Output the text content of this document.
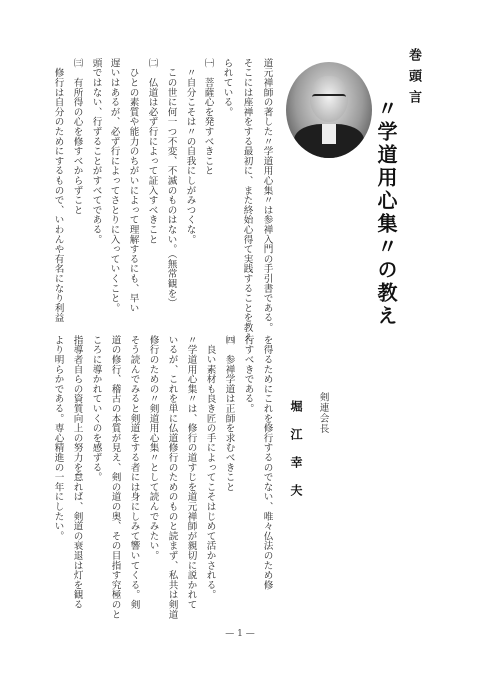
巻頭言
〃学道用心集〃の教え
剣連会長
堀江幸夫
道元禅師の著した〃学道用心集〃は参禅入門の手引書である。
そこには座禅をする最初に、また終始心得て実践することを教え
られている。
㈠　菩薩心を発すべきこと
　〃自分こそは〃の自我にしがみつくな。
　この世に何一つ不変、不滅のものはない。（無常観を）
㈡　仏道は必ず行によって証入すべきこと
　ひとの素質や能力のちがいによって理解するにも、早い
遅いはあるが、必ず行によってさとりに入っていくこと。
頭ではない、行ずることがすべてである。
㈢　有所得の心を修すべからずこと
　修行は自分のためにするもので、いわんや有名になり利益
を得るためにこれを修行するのでない、唯々仏法のため修
行すべきである。
㈣　参禅学道は正師を求むべきこと
　良い素材も良き匠の手によってこそはじめて活かされる。
〃学道用心集〃は、修行の道すじを道元禅師が親切に説かれて
いるが、これを単に仏道修行のためのものと読まず、私共は剣道
修行のための〃剣道用心集〃として読んでみたい。
そう読んでみると剣道をする者には身にしみて響いてくる。剣
道の修行、稽古の本質が見え、剣の道の奥、その目指す究極のと
ころに導かれていくのを感ずる。
指導者自らの資質向上の努力を怠れば、剣道の衰退は灯を観る
より明らかである。専心精進の一年にしたい。
— 1 —
